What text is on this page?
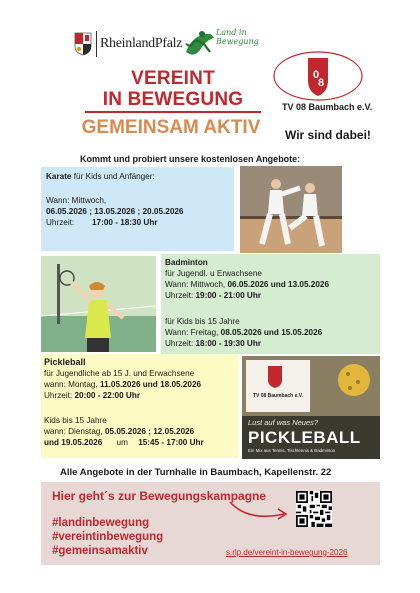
RheinlandPfalz
Land in Bewegung
0
8
TV 08 Baumbach e.V.
VEREINT
IN BEWEGUNG
GEMEINSAM AKTIV	Wir sind dabei!
Kommt und probiert unsere kostenlosen Angebote:
Karate für Kids und Anfänger:
Wann: Mittwoch,
06.05.2026 ; 13.05.2026 ; 20.05.2026
Uhrzeit: 17:00 - 18:30 Uhr
Badminton
für Jugendl. u Erwachsene
Wann: Mittwoch, 06.05.2026 und 13.05.2026
Uhrzeit: 19:00 - 21:00 Uhr
für Kids bis 15 Jahre
Wann: Freitag, 08.05.2026 und 15.05.2026
Uhrzeit: 18:00 - 19:30 Uhr
Pickleball
für Jugendliche ab 15 J. und Erwachsene
wann: Montag, 11.05.2026 und 18.05.2026
Uhrzeit: 20:00 - 22:00 Uhr
Kids bis 15 Jahre
wann: Dienstag, 05.05.2026 ; 12.05.2026
und 19.05.2026 um 15:45 - 17:00 Uhr
TV 08 Baumbach e.V.
Lust auf was Neues?
PICKLEBALL
Ein Mix aus Tennis, Tischtennis & Badminton
Alle Angebote in der Turnhalle in Baumbach, Kapellenstr. 22
Hier geht´s zur Bewegungskampagne
#landinbewegung
#vereintinbewegung
#gemeinsamaktiv	s.rlp.de/vereint-in-bewegung-2026
